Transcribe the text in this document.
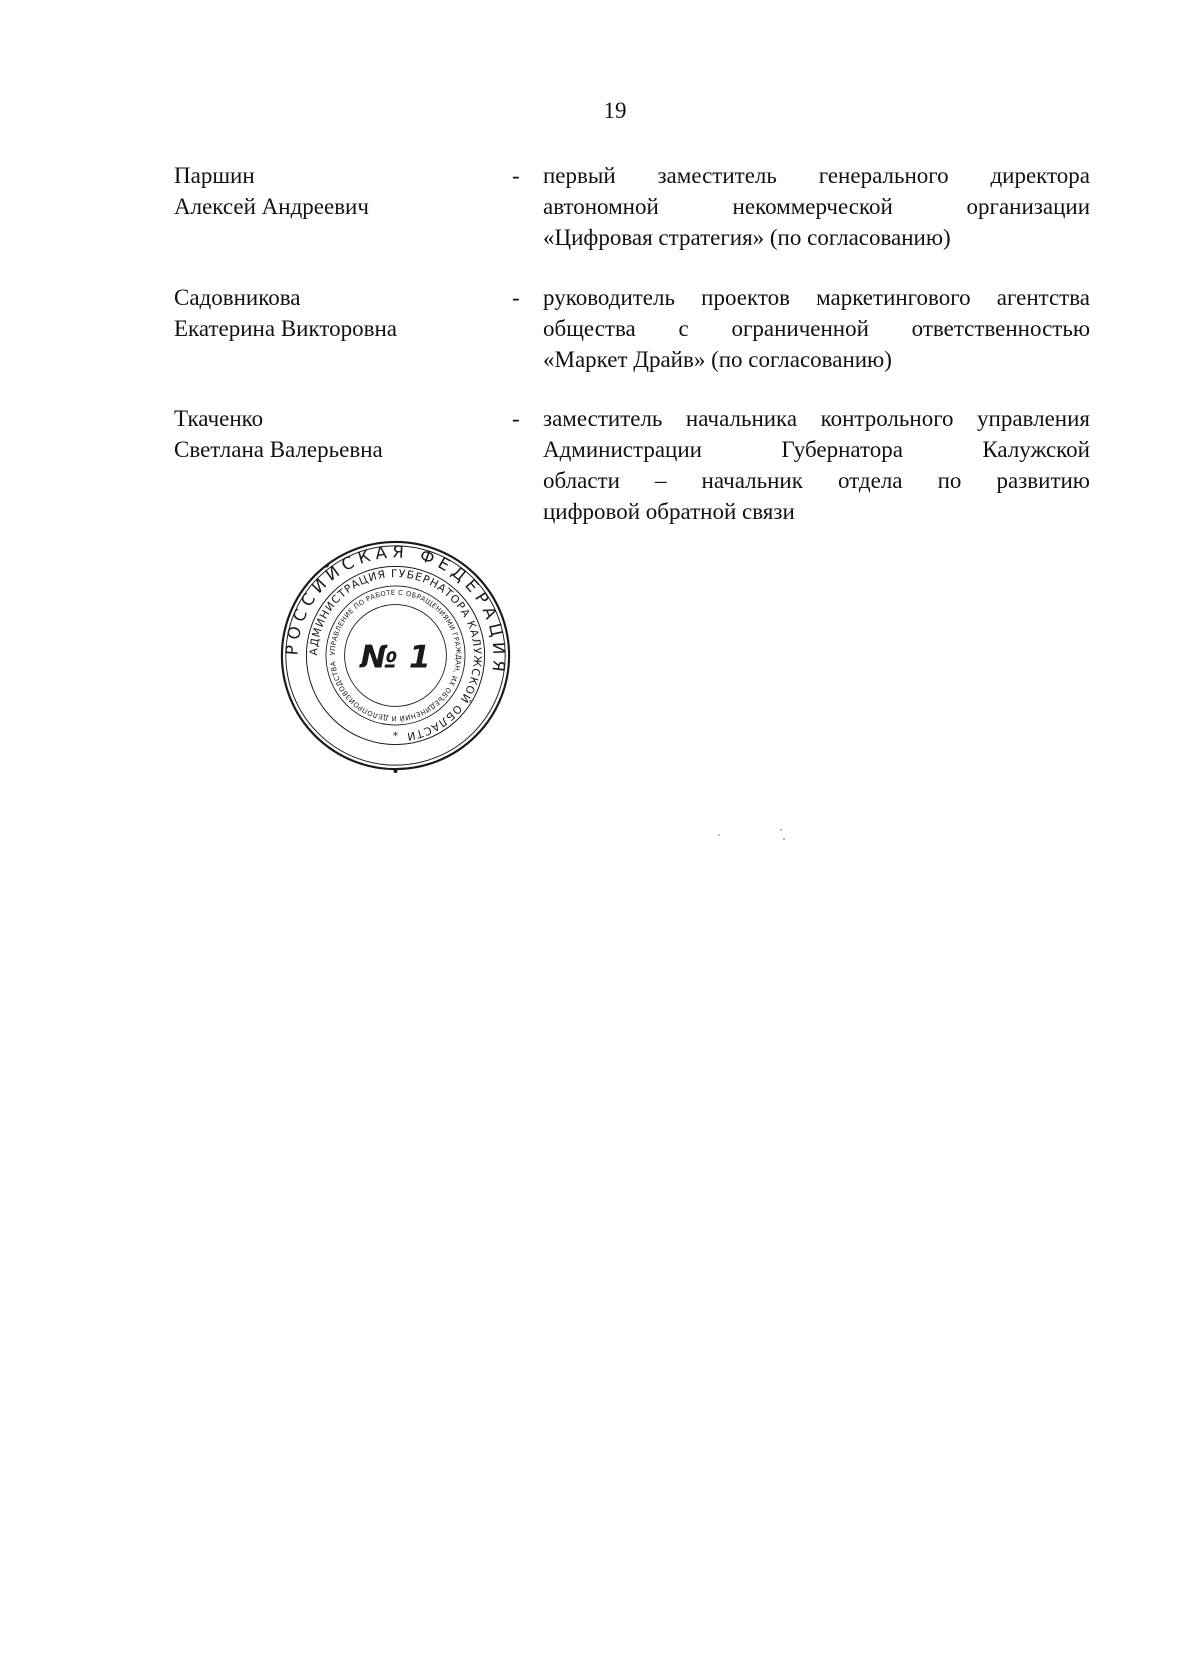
19
Паршин
Алексей Андреевич
- первый заместитель генерального директора
автономной некоммерческой организации
«Цифровая стратегия» (по согласованию)
Садовникова
Екатерина Викторовна
- руководитель проектов маркетингового агентства
общества с ограниченной ответственностью
«Маркет Драйв» (по согласованию)
Ткаченко
Светлана Валерьевна
- заместитель начальника контрольного управления
Администрации Губернатора Калужской
области – начальник отдела по развитию
цифровой обратной связи
РОССИЙСКАЯ ФЕДЕРАЦИЯ
АДМИНИСТРАЦИЯ ГУБЕРНАТОРА КАЛУЖСКОЙ ОБЛАСТИ
УПРАВЛЕНИЕ ПО РАБОТЕ С ОБРАЩЕНИЯМИ ГРАЖДАН, ИХ ОБЪЕДИНЕНИЙ И ДЕЛОПРОИЗВОДСТВА № 1
*
